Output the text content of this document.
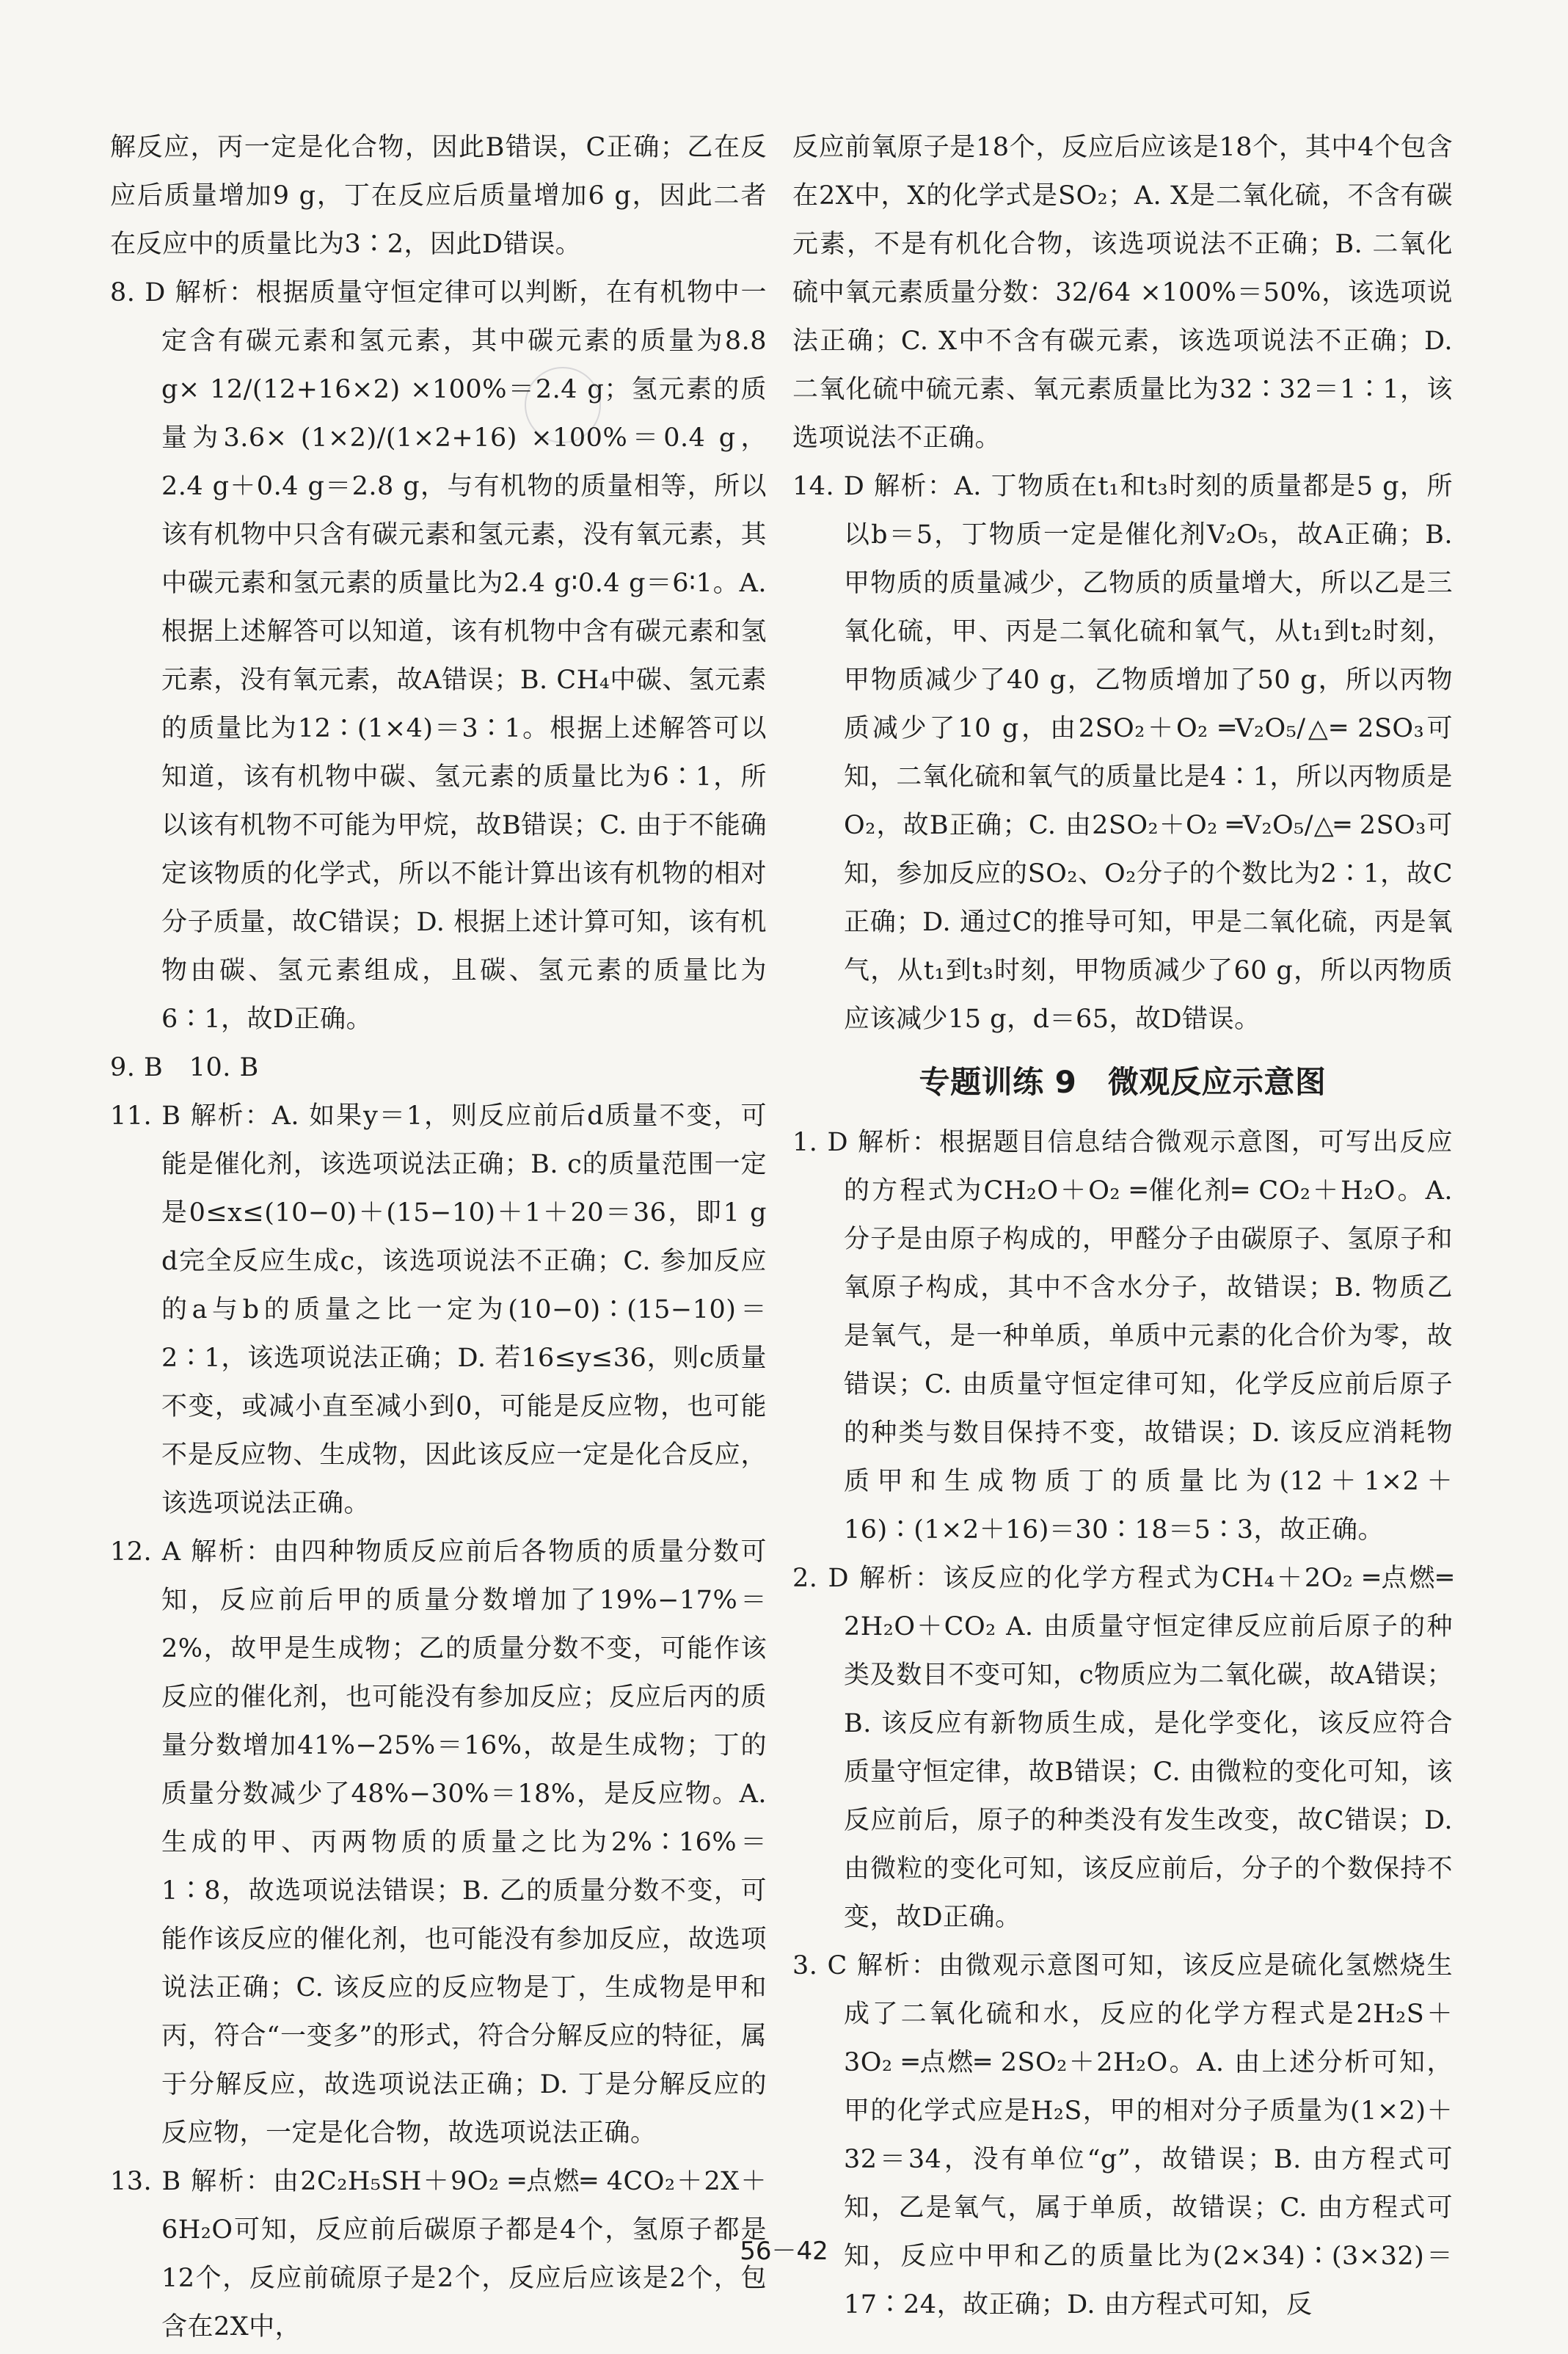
解反应，丙一定是化合物，因此B错误，C正确；乙在反应后质量增加9 g，丁在反应后质量增加6 g，因此二者在反应中的质量比为3∶2，因此D错误。

8. D 解析：根据质量守恒定律可以判断，在有机物中一定含有碳元素和氢元素，其中碳元素的质量为8.8 g× 12/(12+16×2) ×100%＝2.4 g；氢元素的质量为3.6× (1×2)/(1×2+16) ×100%＝0.4 g，2.4 g＋0.4 g＝2.8 g，与有机物的质量相等，所以该有机物中只含有碳元素和氢元素，没有氧元素，其中碳元素和氢元素的质量比为2.4 g∶0.4 g＝6∶1。A. 根据上述解答可以知道，该有机物中含有碳元素和氢元素，没有氧元素，故A错误；B. CH₄中碳、氢元素的质量比为12∶(1×4)＝3∶1。根据上述解答可以知道，该有机物中碳、氢元素的质量比为6∶1，所以该有机物不可能为甲烷，故B错误；C. 由于不能确定该物质的化学式，所以不能计算出该有机物的相对分子质量，故C错误；D. 根据上述计算可知，该有机物由碳、氢元素组成，且碳、氢元素的质量比为6∶1，故D正确。

9. B　10. B

11. B 解析：A. 如果y＝1，则反应前后d质量不变，可能是催化剂，该选项说法正确；B. c的质量范围一定是0≤x≤(10−0)＋(15−10)＋1＋20＝36，即1 g d完全反应生成c，该选项说法不正确；C. 参加反应的a与b的质量之比一定为(10−0)∶(15−10)＝2∶1，该选项说法正确；D. 若16≤y≤36，则c质量不变，或减小直至减小到0，可能是反应物，也可能不是反应物、生成物，因此该反应一定是化合反应，该选项说法正确。

12. A 解析：由四种物质反应前后各物质的质量分数可知，反应前后甲的质量分数增加了19%−17%＝2%，故甲是生成物；乙的质量分数不变，可能作该反应的催化剂，也可能没有参加反应；反应后丙的质量分数增加41%−25%＝16%，故是生成物；丁的质量分数减少了48%−30%＝18%，是反应物。A. 生成的甲、丙两物质的质量之比为2%∶16%＝1∶8，故选项说法错误；B. 乙的质量分数不变，可能作该反应的催化剂，也可能没有参加反应，故选项说法正确；C. 该反应的反应物是丁，生成物是甲和丙，符合“一变多”的形式，符合分解反应的特征，属于分解反应，故选项说法正确；D. 丁是分解反应的反应物，一定是化合物，故选项说法正确。

13. B 解析：由2C₂H₅SH＋9O₂ ═点燃═ 4CO₂＋2X＋6H₂O可知，反应前后碳原子都是4个，氢原子都是12个，反应前硫原子是2个，反应后应该是2个，包含在2X中，

反应前氧原子是18个，反应后应该是18个，其中4个包含在2X中，X的化学式是SO₂；A. X是二氧化硫，不含有碳元素，不是有机化合物，该选项说法不正确；B. 二氧化硫中氧元素质量分数：32/64 ×100%＝50%，该选项说法正确；C. X中不含有碳元素，该选项说法不正确；D. 二氧化硫中硫元素、氧元素质量比为32∶32＝1∶1，该选项说法不正确。

14. D 解析：A. 丁物质在t₁和t₃时刻的质量都是5 g，所以b＝5，丁物质一定是催化剂V₂O₅，故A正确；B. 甲物质的质量减少，乙物质的质量增大，所以乙是三氧化硫，甲、丙是二氧化硫和氧气，从t₁到t₂时刻，甲物质减少了40 g，乙物质增加了50 g，所以丙物质减少了10 g，由2SO₂＋O₂ ═V₂O₅/△═ 2SO₃可知，二氧化硫和氧气的质量比是4∶1，所以丙物质是O₂，故B正确；C. 由2SO₂＋O₂ ═V₂O₅/△═ 2SO₃可知，参加反应的SO₂、O₂分子的个数比为2∶1，故C正确；D. 通过C的推导可知，甲是二氧化硫，丙是氧气，从t₁到t₃时刻，甲物质减少了60 g，所以丙物质应该减少15 g，d＝65，故D错误。

专题训练 9　微观反应示意图

1. D 解析：根据题目信息结合微观示意图，可写出反应的方程式为CH₂O＋O₂ ═催化剂═ CO₂＋H₂O。A. 分子是由原子构成的，甲醛分子由碳原子、氢原子和氧原子构成，其中不含水分子，故错误；B. 物质乙是氧气，是一种单质，单质中元素的化合价为零，故错误；C. 由质量守恒定律可知，化学反应前后原子的种类与数目保持不变，故错误；D. 该反应消耗物质甲和生成物质丁的质量比为(12＋1×2＋16)∶(1×2＋16)＝30∶18＝5∶3，故正确。

2. D 解析：该反应的化学方程式为CH₄＋2O₂ ═点燃═ 2H₂O＋CO₂ A. 由质量守恒定律反应前后原子的种类及数目不变可知，c物质应为二氧化碳，故A错误；B. 该反应有新物质生成，是化学变化，该反应符合质量守恒定律，故B错误；C. 由微粒的变化可知，该反应前后，原子的种类没有发生改变，故C错误；D. 由微粒的变化可知，该反应前后，分子的个数保持不变，故D正确。

3. C 解析：由微观示意图可知，该反应是硫化氢燃烧生成了二氧化硫和水，反应的化学方程式是2H₂S＋3O₂ ═点燃═ 2SO₂＋2H₂O。A. 由上述分析可知，甲的化学式应是H₂S，甲的相对分子质量为(1×2)＋32＝34，没有单位“g”，故错误；B. 由方程式可知，乙是氧气，属于单质，故错误；C. 由方程式可知，反应中甲和乙的质量比为(2×34)∶(3×32)＝17∶24，故正确；D. 由方程式可知，反

56－42
